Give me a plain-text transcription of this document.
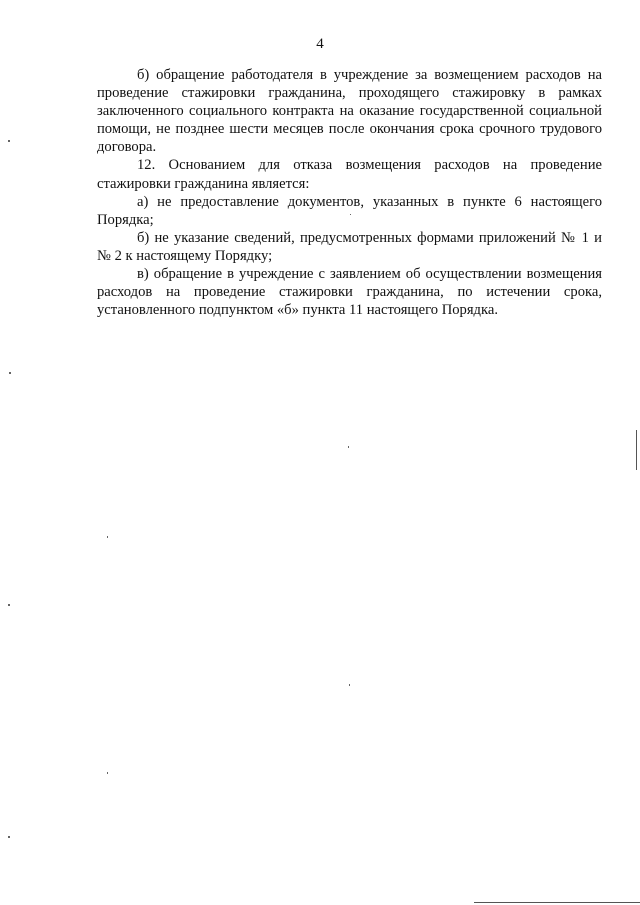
4

б) обращение работодателя в учреждение за возмещением расходов на проведение стажировки гражданина, проходящего стажировку в рамках заключенного социального контракта на оказание государственной социальной помощи, не позднее шести месяцев после окончания срока срочного трудового договора.

12. Основанием для отказа возмещения расходов на проведение стажировки гражданина является:

а) не предоставление документов, указанных в пункте 6 настоящего Порядка;

б) не указание сведений, предусмотренных формами приложений № 1 и № 2 к настоящему Порядку;

в) обращение в учреждение с заявлением об осуществлении возмещения расходов на проведение стажировки гражданина, по истечении срока, установленного подпунктом «б» пункта 11 настоящего Порядка.
